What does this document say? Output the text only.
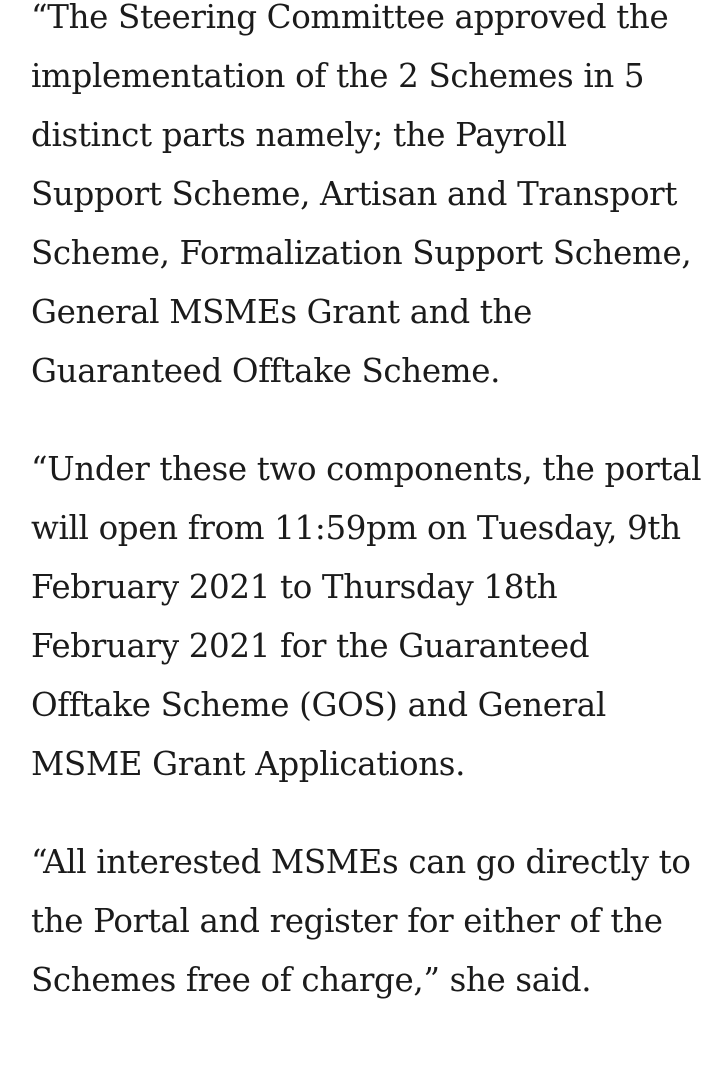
“The Steering Committee approved the implementation of the 2 Schemes in 5 distinct parts namely; the Payroll Support Scheme, Artisan and Transport Scheme, Formalization Support Scheme, General MSMEs Grant and the Guaranteed Offtake Scheme.

“Under these two components, the portal will open from 11:59pm on Tuesday, 9th February 2021 to Thursday 18th February 2021 for the Guaranteed Offtake Scheme (GOS) and General MSME Grant Applications.

“All interested MSMEs can go directly to the Portal and register for either of the Schemes free of charge,” she said.
